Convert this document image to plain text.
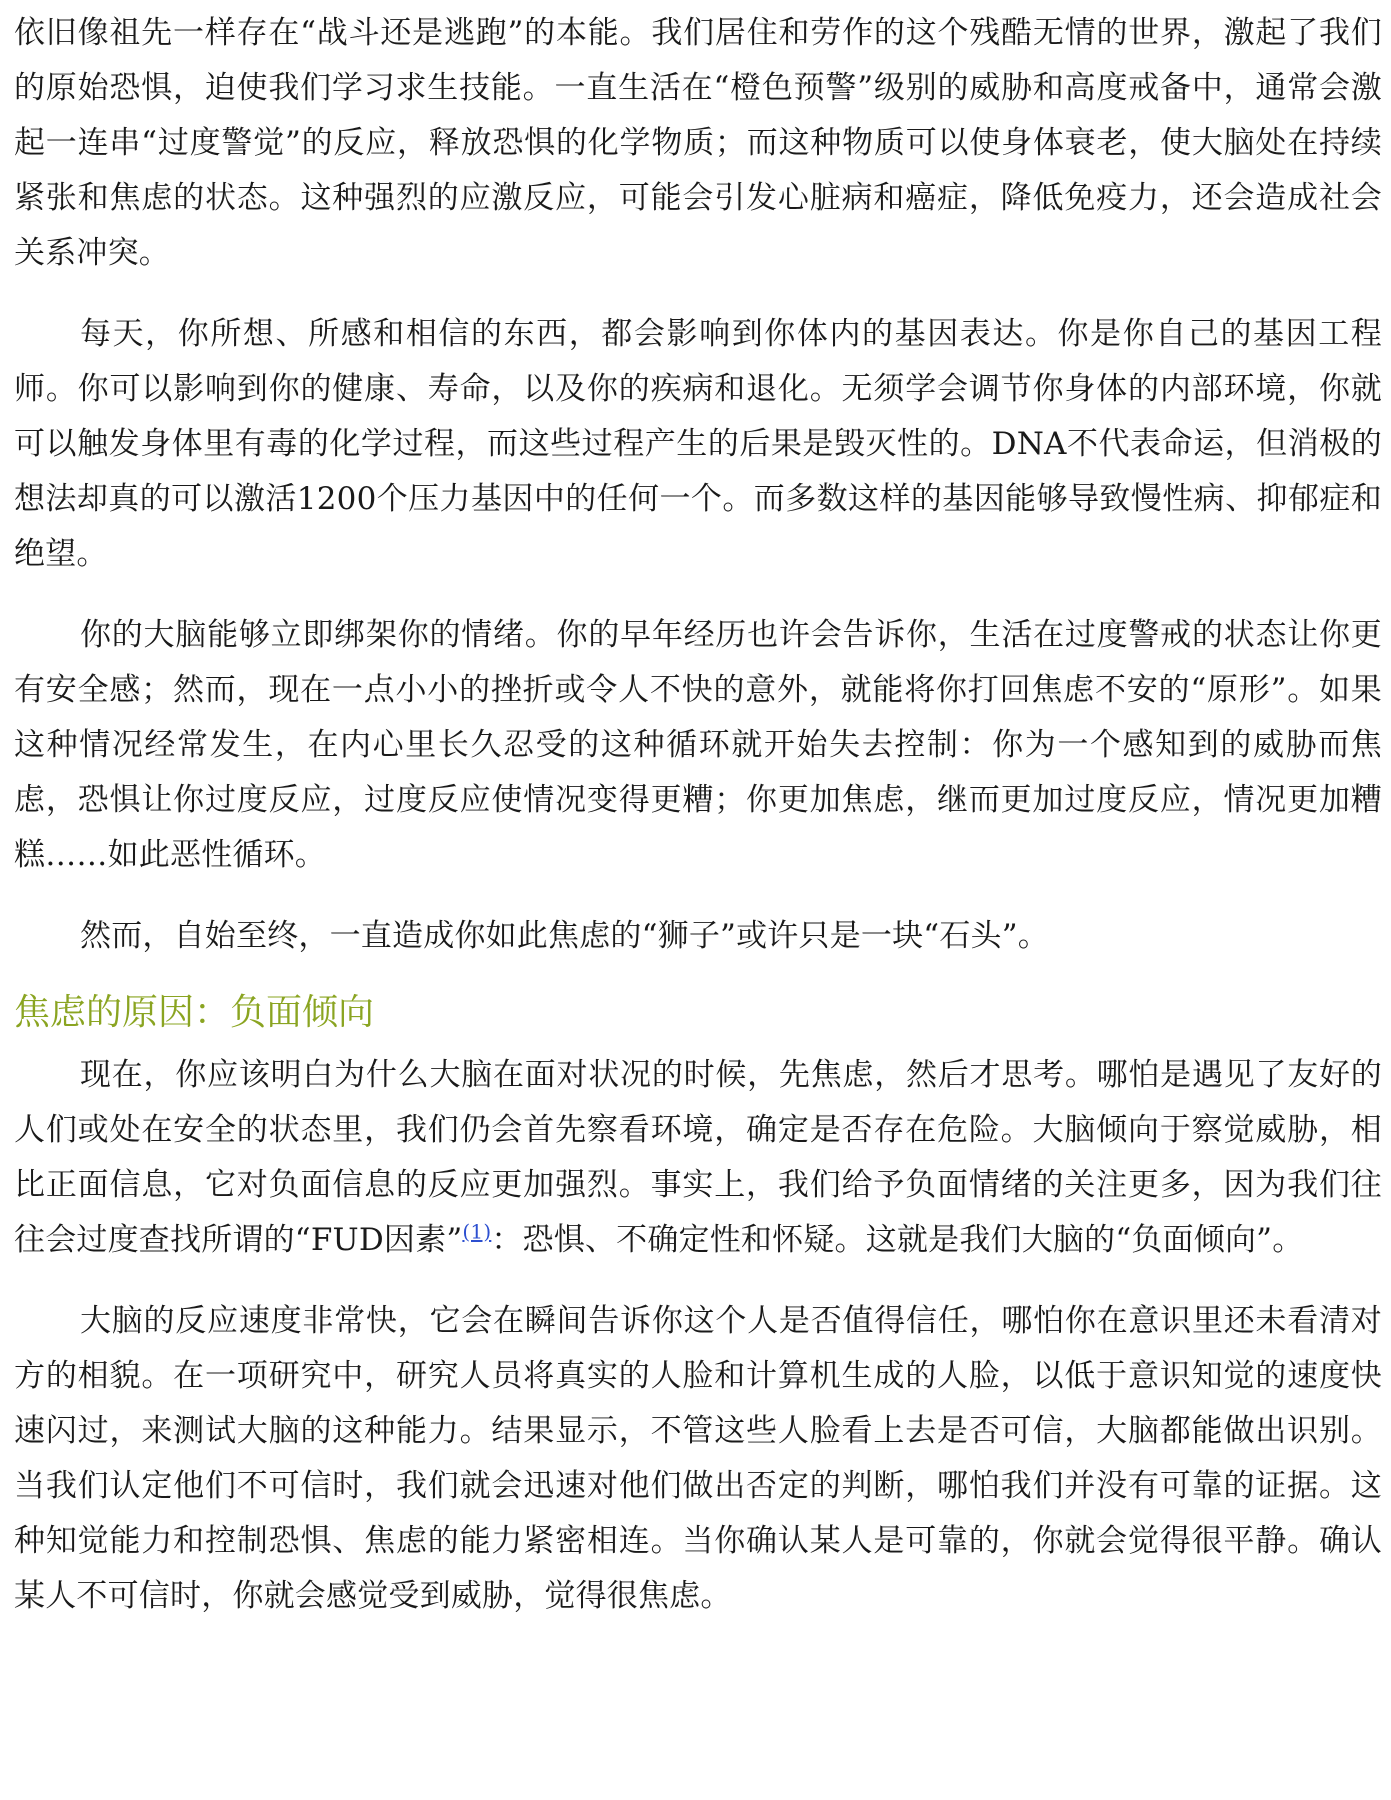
依旧像祖先一样存在“战斗还是逃跑”的本能。我们居住和劳作的这个残酷无情的世界，激起了我们的原始恐惧，迫使我们学习求生技能。一直生活在“橙色预警”级别的威胁和高度戒备中，通常会激起一连串“过度警觉”的反应，释放恐惧的化学物质；而这种物质可以使身体衰老，使大脑处在持续紧张和焦虑的状态。这种强烈的应激反应，可能会引发心脏病和癌症，降低免疫力，还会造成社会关系冲突。

每天，你所想、所感和相信的东西，都会影响到你体内的基因表达。你是你自己的基因工程师。你可以影响到你的健康、寿命，以及你的疾病和退化。无须学会调节你身体的内部环境，你就可以触发身体里有毒的化学过程，而这些过程产生的后果是毁灭性的。DNA不代表命运，但消极的想法却真的可以激活1200个压力基因中的任何一个。而多数这样的基因能够导致慢性病、抑郁症和绝望。

你的大脑能够立即绑架你的情绪。你的早年经历也许会告诉你，生活在过度警戒的状态让你更有安全感；然而，现在一点小小的挫折或令人不快的意外，就能将你打回焦虑不安的“原形”。如果这种情况经常发生，在内心里长久忍受的这种循环就开始失去控制：你为一个感知到的威胁而焦虑，恐惧让你过度反应，过度反应使情况变得更糟；你更加焦虑，继而更加过度反应，情况更加糟糕……如此恶性循环。

然而，自始至终，一直造成你如此焦虑的“狮子”或许只是一块“石头”。

焦虑的原因：负面倾向

现在，你应该明白为什么大脑在面对状况的时候，先焦虑，然后才思考。哪怕是遇见了友好的人们或处在安全的状态里，我们仍会首先察看环境，确定是否存在危险。大脑倾向于察觉威胁，相比正面信息，它对负面信息的反应更加强烈。事实上，我们给予负面情绪的关注更多，因为我们往往会过度查找所谓的“FUD因素”$^{(1)}$：恐惧、不确定性和怀疑。这就是我们大脑的“负面倾向”。

大脑的反应速度非常快，它会在瞬间告诉你这个人是否值得信任，哪怕你在意识里还未看清对方的相貌。在一项研究中，研究人员将真实的人脸和计算机生成的人脸，以低于意识知觉的速度快速闪过，来测试大脑的这种能力。结果显示，不管这些人脸看上去是否可信，大脑都能做出识别。当我们认定他们不可信时，我们就会迅速对他们做出否定的判断，哪怕我们并没有可靠的证据。这种知觉能力和控制恐惧、焦虑的能力紧密相连。当你确认某人是可靠的，你就会觉得很平静。确认某人不可信时，你就会感觉受到威胁，觉得很焦虑。
